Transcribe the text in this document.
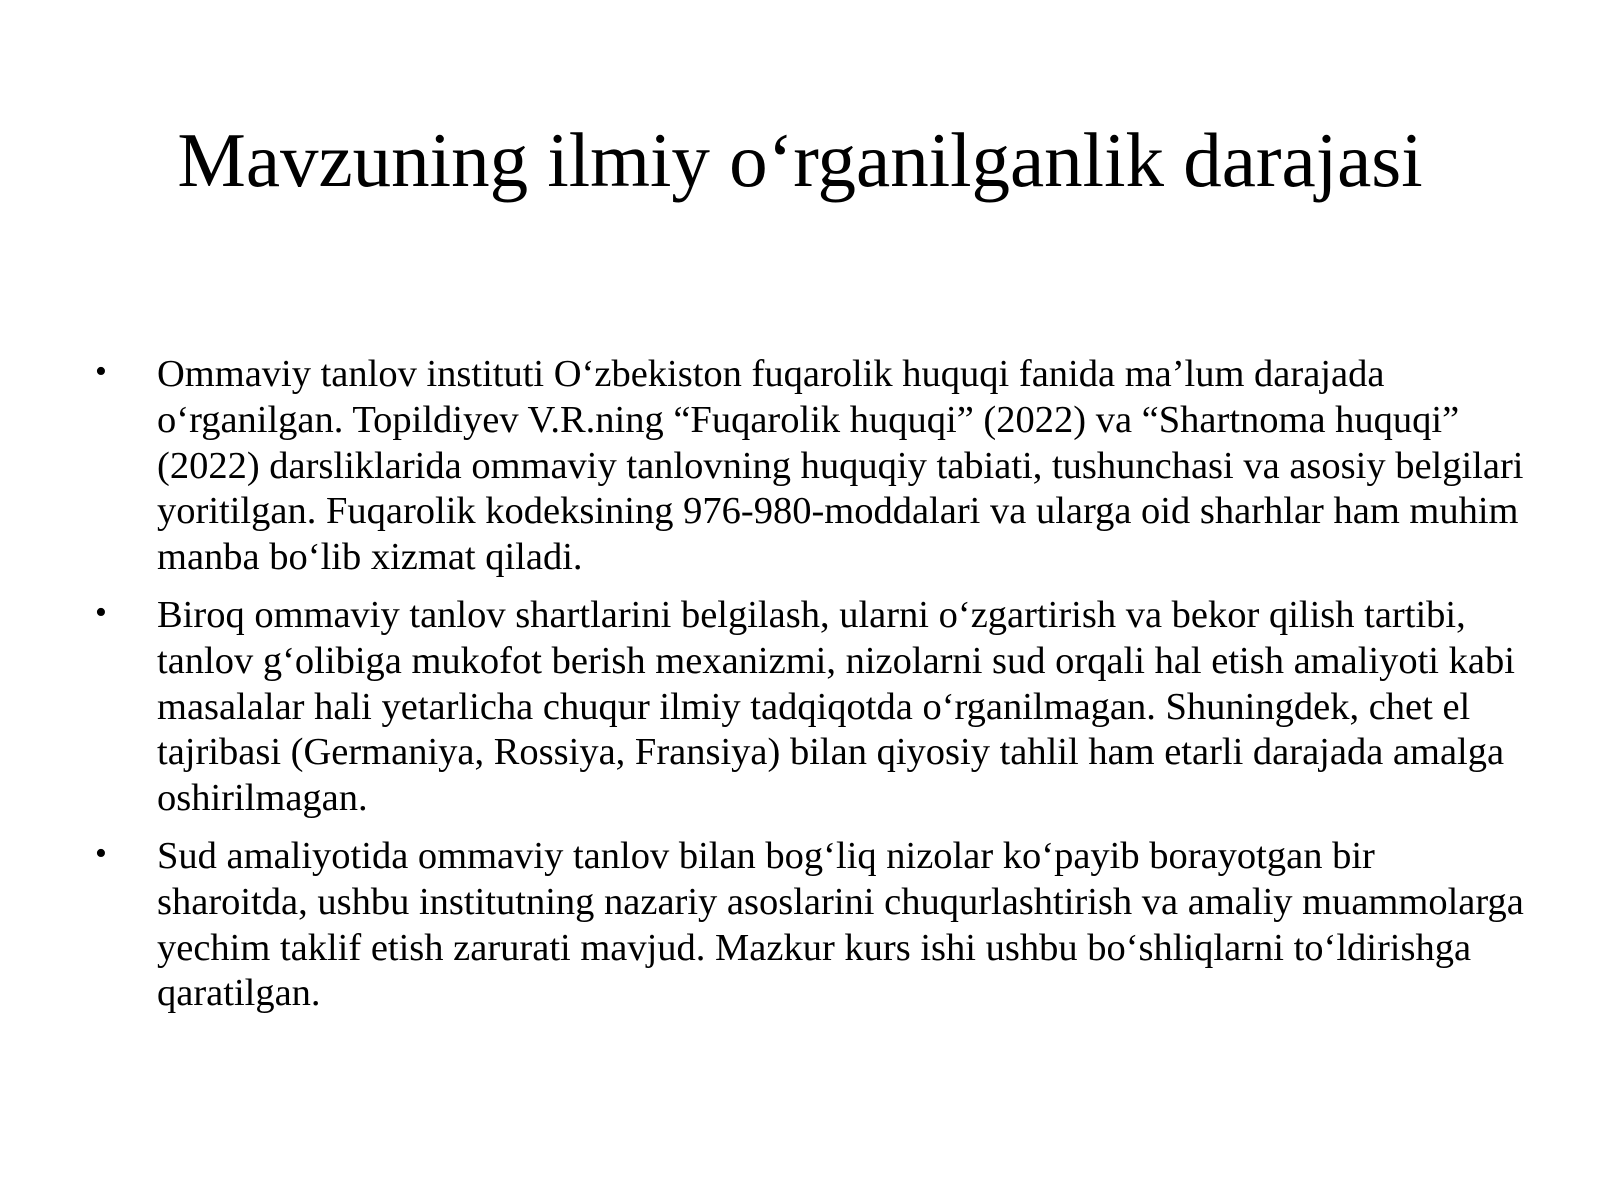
Mavzuning ilmiy o‘rganilganlik darajasi
• Ommaviy tanlov instituti O‘zbekiston fuqarolik huquqi fanida ma’lum darajada o‘rganilgan. Topildiyev V.R.ning “Fuqarolik huquqi” (2022) va “Shartnoma huquqi” (2022) darsliklarida ommaviy tanlovning huquqiy tabiati, tushunchasi va asosiy belgilari yoritilgan. Fuqarolik kodeksining 976-980-moddalari va ularga oid sharhlar ham muhim manba bo‘lib xizmat qiladi.
• Biroq ommaviy tanlov shartlarini belgilash, ularni o‘zgartirish va bekor qilish tartibi, tanlov g‘olibiga mukofot berish mexanizmi, nizolarni sud orqali hal etish amaliyoti kabi masalalar hali yetarlicha chuqur ilmiy tadqiqotda o‘rganilmagan. Shuningdek, chet el tajribasi (Germaniya, Rossiya, Fransiya) bilan qiyosiy tahlil ham etarli darajada amalga oshirilmagan.
• Sud amaliyotida ommaviy tanlov bilan bog‘liq nizolar ko‘payib borayotgan bir sharoitda, ushbu institutning nazariy asoslarini chuqurlashtirish va amaliy muammolarga yechim taklif etish zarurati mavjud. Mazkur kurs ishi ushbu bo‘shliqlarni to‘ldirishga qaratilgan.
